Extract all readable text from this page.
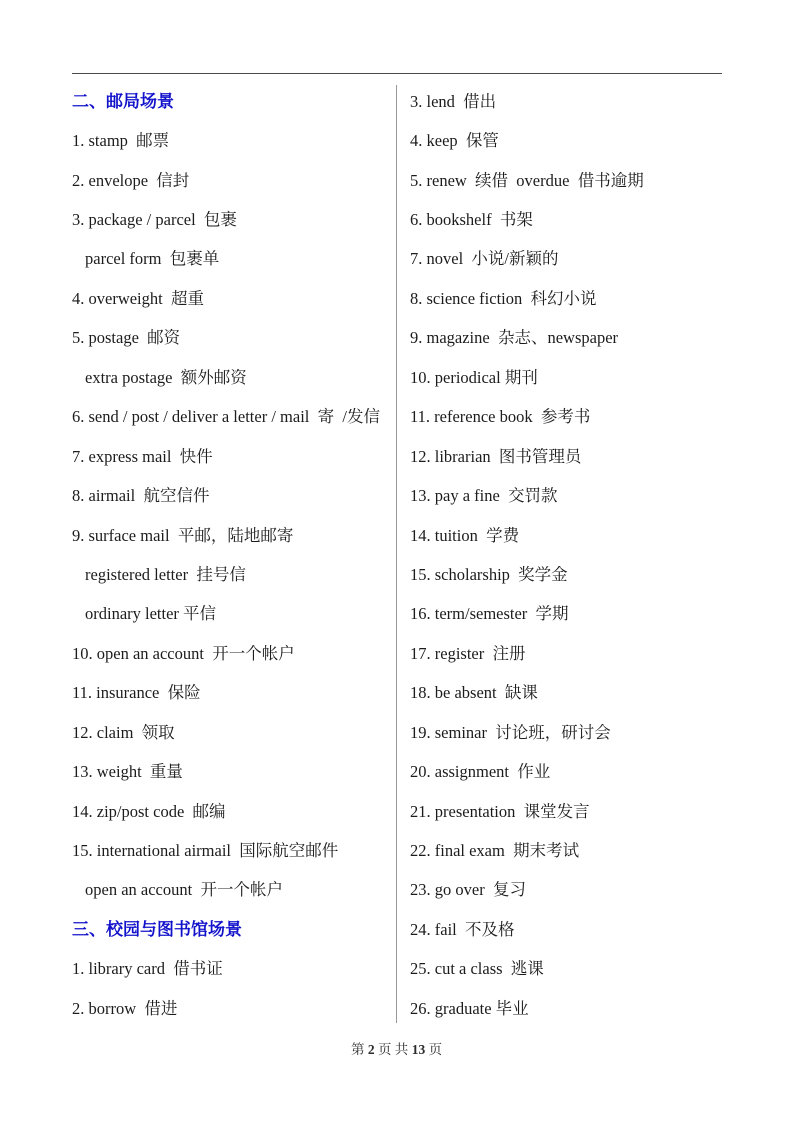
二、邮局场景
1. stamp  邮票
2. envelope  信封
3. package / parcel  包裹
parcel form  包裹单
4. overweight  超重
5. postage  邮资
extra postage  额外邮资
6. send / post / deliver a letter / mail  寄  /发信
7. express mail  快件
8. airmail  航空信件
9. surface mail  平邮，陆地邮寄
registered letter  挂号信
ordinary letter 平信
10. open an account  开一个帐户
11. insurance  保险
12. claim  领取
13. weight  重量
14. zip/post code  邮编
15. international airmail  国际航空邮件
open an account  开一个帐户
三、校园与图书馆场景
1. library card  借书证
2. borrow  借进
3. lend  借出
4. keep  保管
5. renew  续借  overdue  借书逾期
6. bookshelf  书架
7. novel  小说/新颖的
8. science fiction  科幻小说
9. magazine  杂志、newspaper
10. periodical 期刊
11. reference book  参考书
12. librarian  图书管理员
13. pay a fine  交罚款
14. tuition  学费
15. scholarship  奖学金
16. term/semester  学期
17. register  注册
18. be absent  缺课
19. seminar  讨论班，研讨会
20. assignment  作业
21. presentation  课堂发言
22. final exam  期末考试
23. go over  复习
24. fail  不及格
25. cut a class  逃课
26. graduate 毕业
第 2 页 共 13 页
